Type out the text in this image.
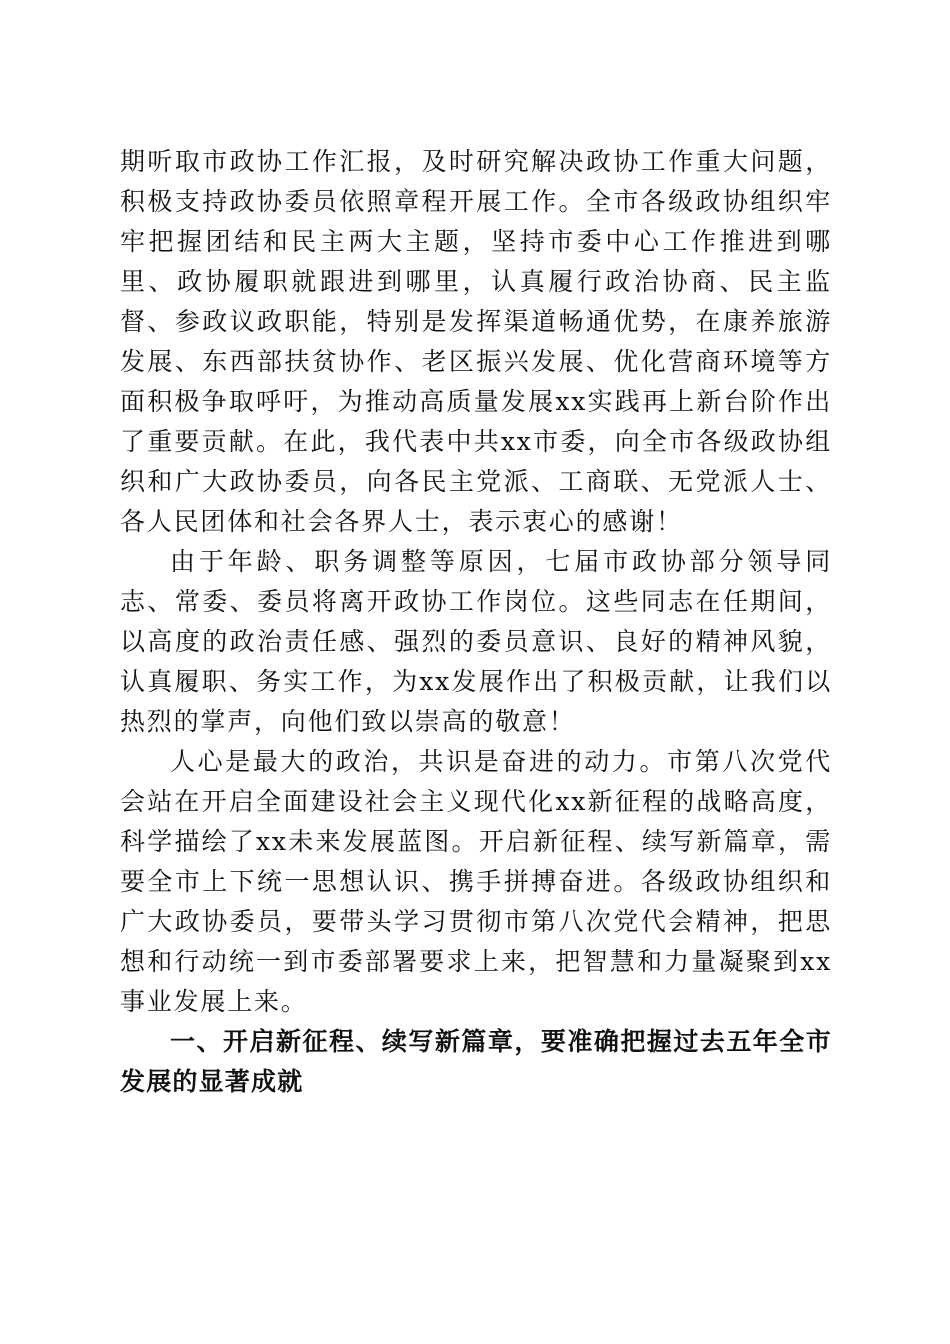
期听取市政协工作汇报，及时研究解决政协工作重大问题，积极支持政协委员依照章程开展工作。全市各级政协组织牢牢把握团结和民主两大主题，坚持市委中心工作推进到哪里、政协履职就跟进到哪里，认真履行政治协商、民主监督、参政议政职能，特别是发挥渠道畅通优势，在康养旅游发展、东西部扶贫协作、老区振兴发展、优化营商环境等方面积极争取呼吁，为推动高质量发展xx实践再上新台阶作出了重要贡献。在此，我代表中共xx市委，向全市各级政协组织和广大政协委员，向各民主党派、工商联、无党派人士、各人民团体和社会各界人士，表示衷心的感谢！

由于年龄、职务调整等原因，七届市政协部分领导同志、常委、委员将离开政协工作岗位。这些同志在任期间，以高度的政治责任感、强烈的委员意识、良好的精神风貌，认真履职、务实工作，为xx发展作出了积极贡献，让我们以热烈的掌声，向他们致以崇高的敬意！

人心是最大的政治，共识是奋进的动力。市第八次党代会站在开启全面建设社会主义现代化xx新征程的战略高度，科学描绘了xx未来发展蓝图。开启新征程、续写新篇章，需要全市上下统一思想认识、携手拼搏奋进。各级政协组织和广大政协委员，要带头学习贯彻市第八次党代会精神，把思想和行动统一到市委部署要求上来，把智慧和力量凝聚到xx事业发展上来。

一、开启新征程、续写新篇章，要准确把握过去五年全市发展的显著成就
